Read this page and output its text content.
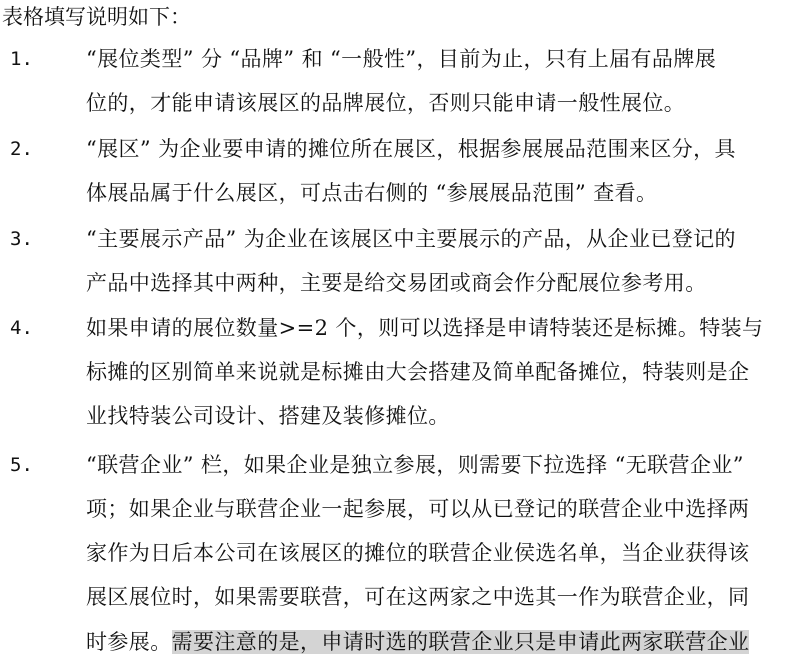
表格填写说明如下：
1.	“展位类型” 分 “品牌” 和 “一般性”，目前为止，只有上届有品牌展
位的，才能申请该展区的品牌展位，否则只能申请一般性展位。
2.	“展区” 为企业要申请的摊位所在展区，根据参展展品范围来区分，具
体展品属于什么展区，可点击右侧的 “参展展品范围” 查看。
3.	“主要展示产品” 为企业在该展区中主要展示的产品，从企业已登记的
产品中选择其中两种，主要是给交易团或商会作分配展位参考用。
4.	如果申请的展位数量>=2 个，则可以选择是申请特装还是标摊。特装与
标摊的区别简单来说就是标摊由大会搭建及简单配备摊位，特装则是企
业找特装公司设计、搭建及装修摊位。
5.	“联营企业” 栏，如果企业是独立参展，则需要下拉选择 “无联营企业”
项；如果企业与联营企业一起参展，可以从已登记的联营企业中选择两
家作为日后本公司在该展区的摊位的联营企业侯选名单，当企业获得该
展区展位时，如果需要联营，可在这两家之中选其一作为联营企业，同
时参展。需要注意的是，申请时选的联营企业只是申请此两家联营企业
